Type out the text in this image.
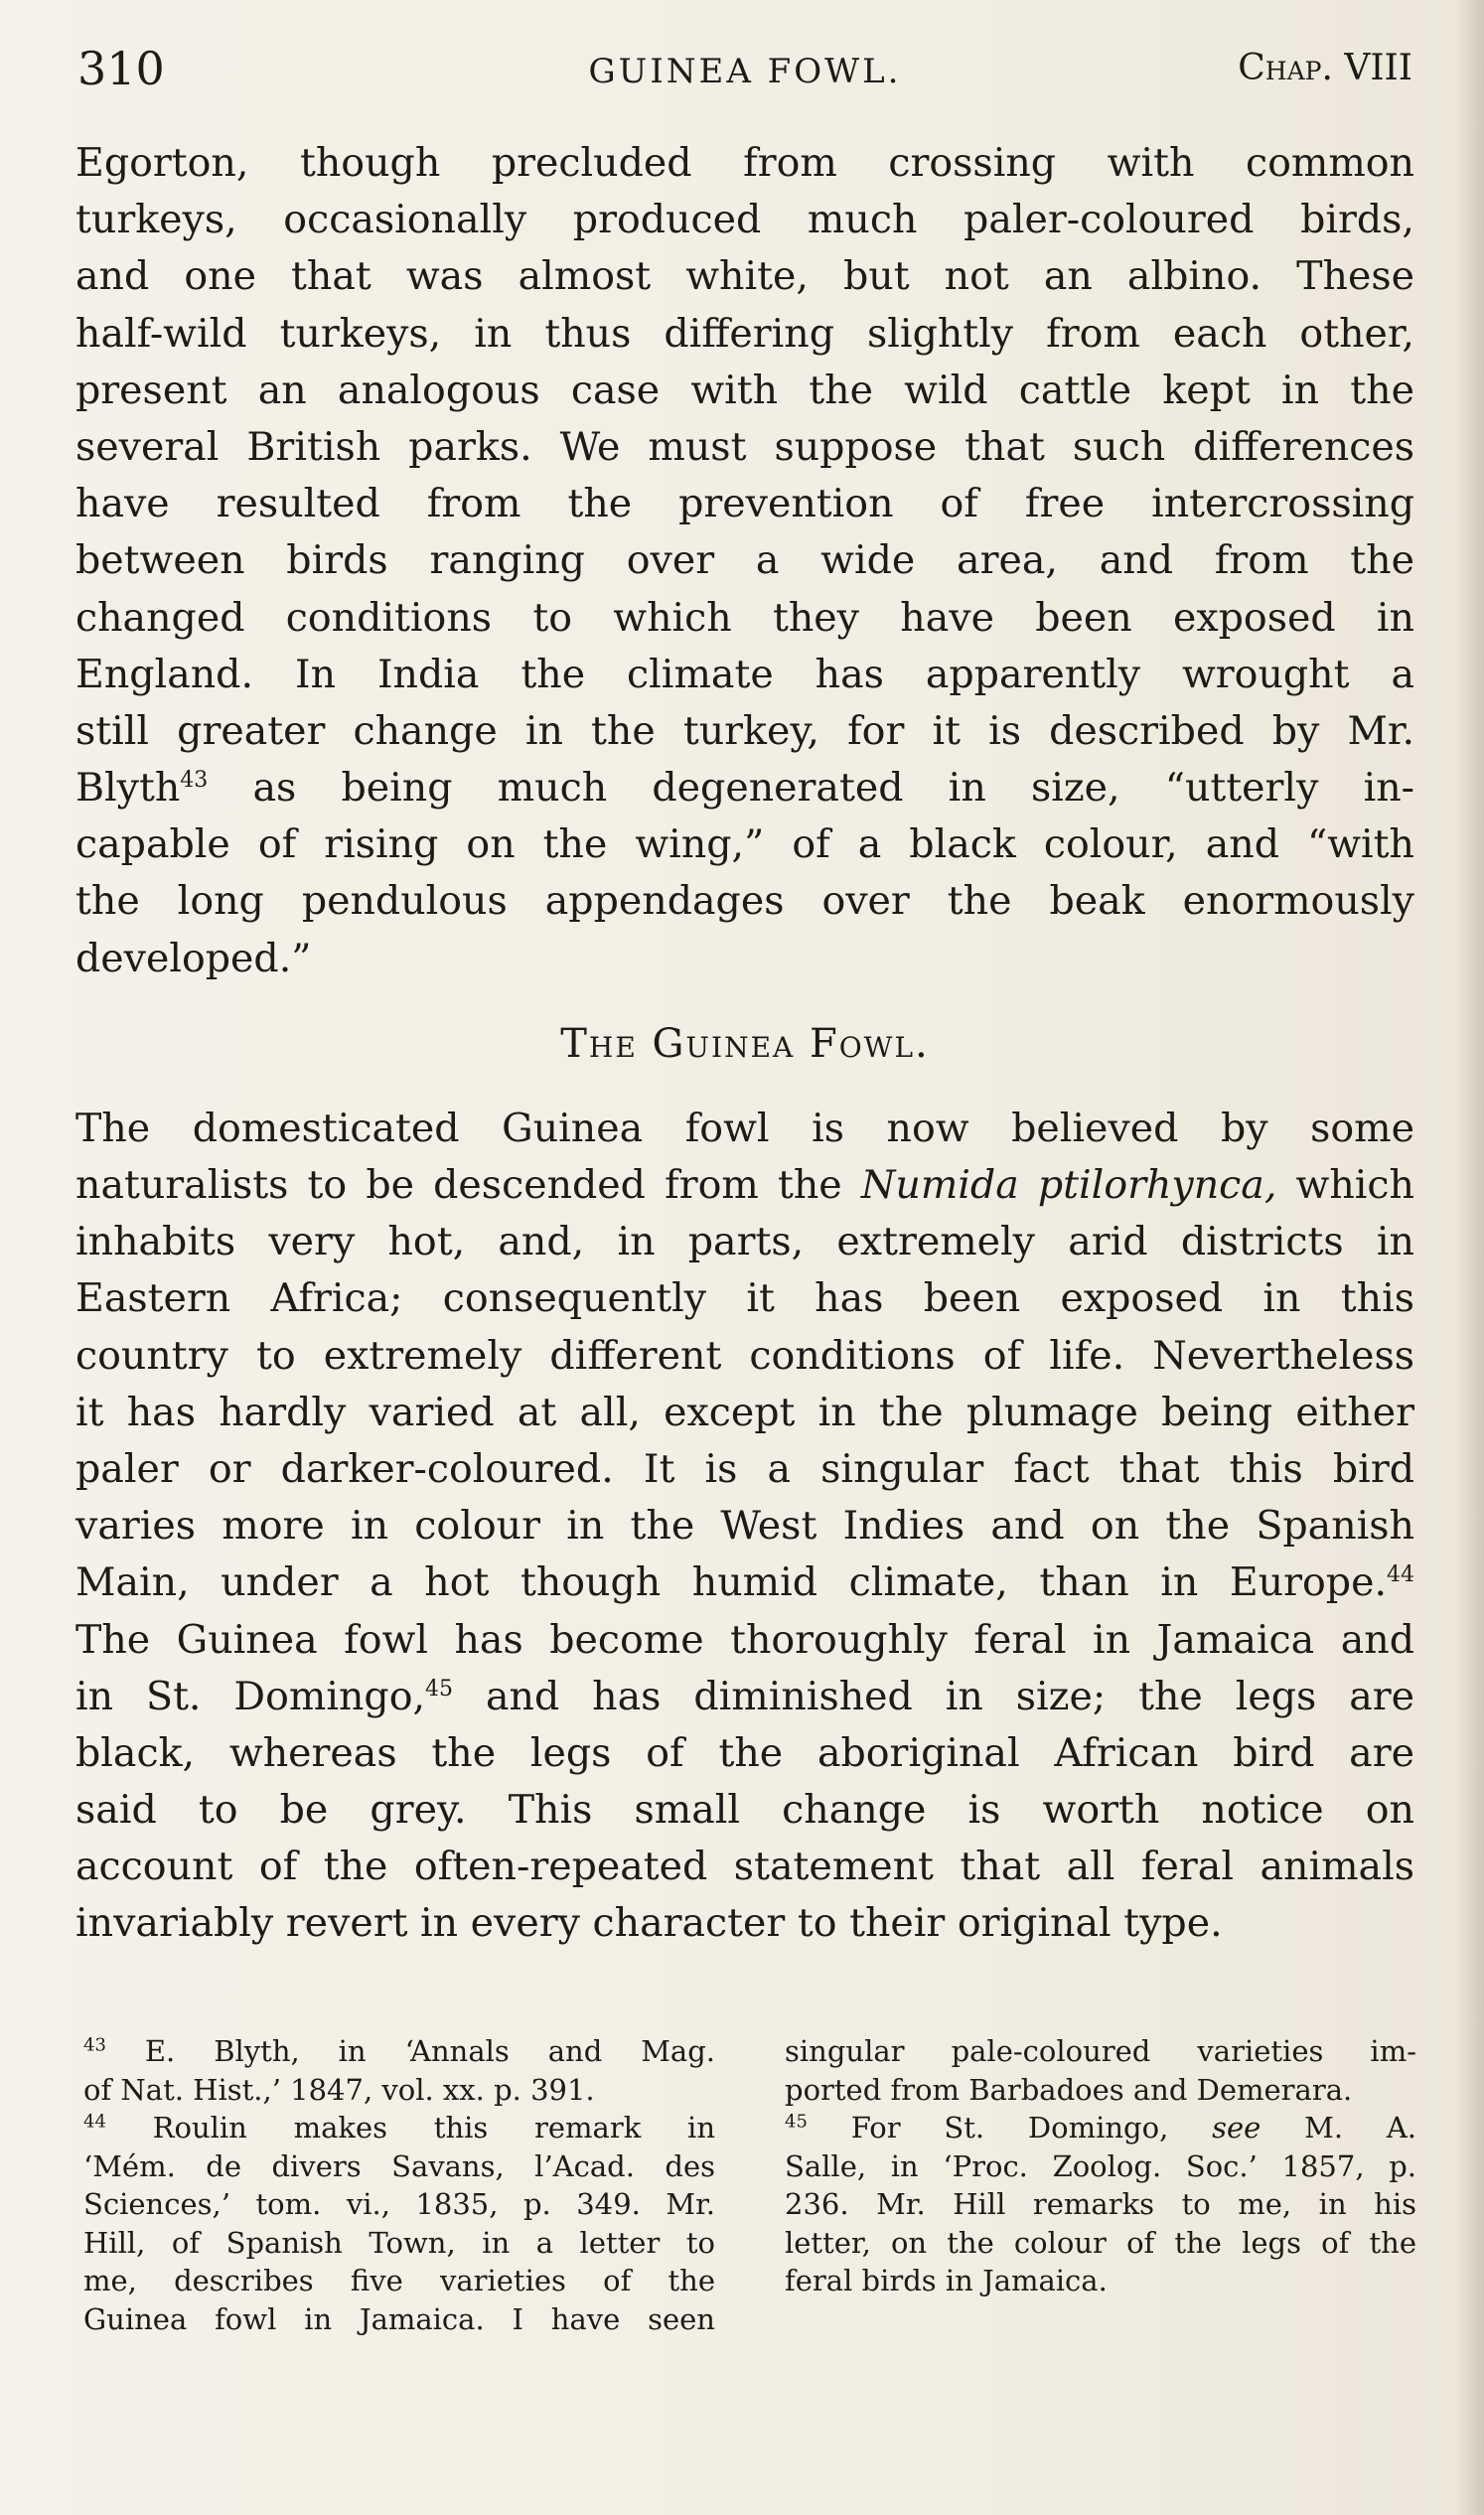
310	GUINEA FOWL.	Chap. VIII
Egorton, though precluded from crossing with common
turkeys, occasionally produced much paler-coloured birds,
and one that was almost white, but not an albino. These
half-wild turkeys, in thus differing slightly from each other,
present an analogous case with the wild cattle kept in the
several British parks. We must suppose that such differences
have resulted from the prevention of free intercrossing
between birds ranging over a wide area, and from the
changed conditions to which they have been exposed in
England. In India the climate has apparently wrought a
still greater change in the turkey, for it is described by Mr.
Blyth$^{43}$ as being much degenerated in size, “utterly in-
capable of rising on the wing,” of a black colour, and “with
the long pendulous appendages over the beak enormously
developed.”
The Guinea Fowl.
The domesticated Guinea fowl is now believed by some
naturalists to be descended from the Numida ptilorhynca, which
inhabits very hot, and, in parts, extremely arid districts in
Eastern Africa; consequently it has been exposed in this
country to extremely different conditions of life. Nevertheless
it has hardly varied at all, except in the plumage being either
paler or darker-coloured. It is a singular fact that this bird
varies more in colour in the West Indies and on the Spanish
Main, under a hot though humid climate, than in Europe.$^{44}$
The Guinea fowl has become thoroughly feral in Jamaica and
in St. Domingo,$^{45}$ and has diminished in size; the legs are
black, whereas the legs of the aboriginal African bird are
said to be grey. This small change is worth notice on
account of the often-repeated statement that all feral animals
invariably revert in every character to their original type.
$^{43}$ E. Blyth, in ‘Annals and Mag.
of Nat. Hist.,’ 1847, vol. xx. p. 391.
$^{44}$ Roulin makes this remark in
‘Mém. de divers Savans, l’Acad. des
Sciences,’ tom. vi., 1835, p. 349. Mr.
Hill, of Spanish Town, in a letter to
me, describes five varieties of the
Guinea fowl in Jamaica. I have seen
singular pale-coloured varieties im-
ported from Barbadoes and Demerara.
$^{45}$ For St. Domingo, see M. A.
Salle, in ‘Proc. Zoolog. Soc.’ 1857, p.
236. Mr. Hill remarks to me, in his
letter, on the colour of the legs of the
feral birds in Jamaica.
